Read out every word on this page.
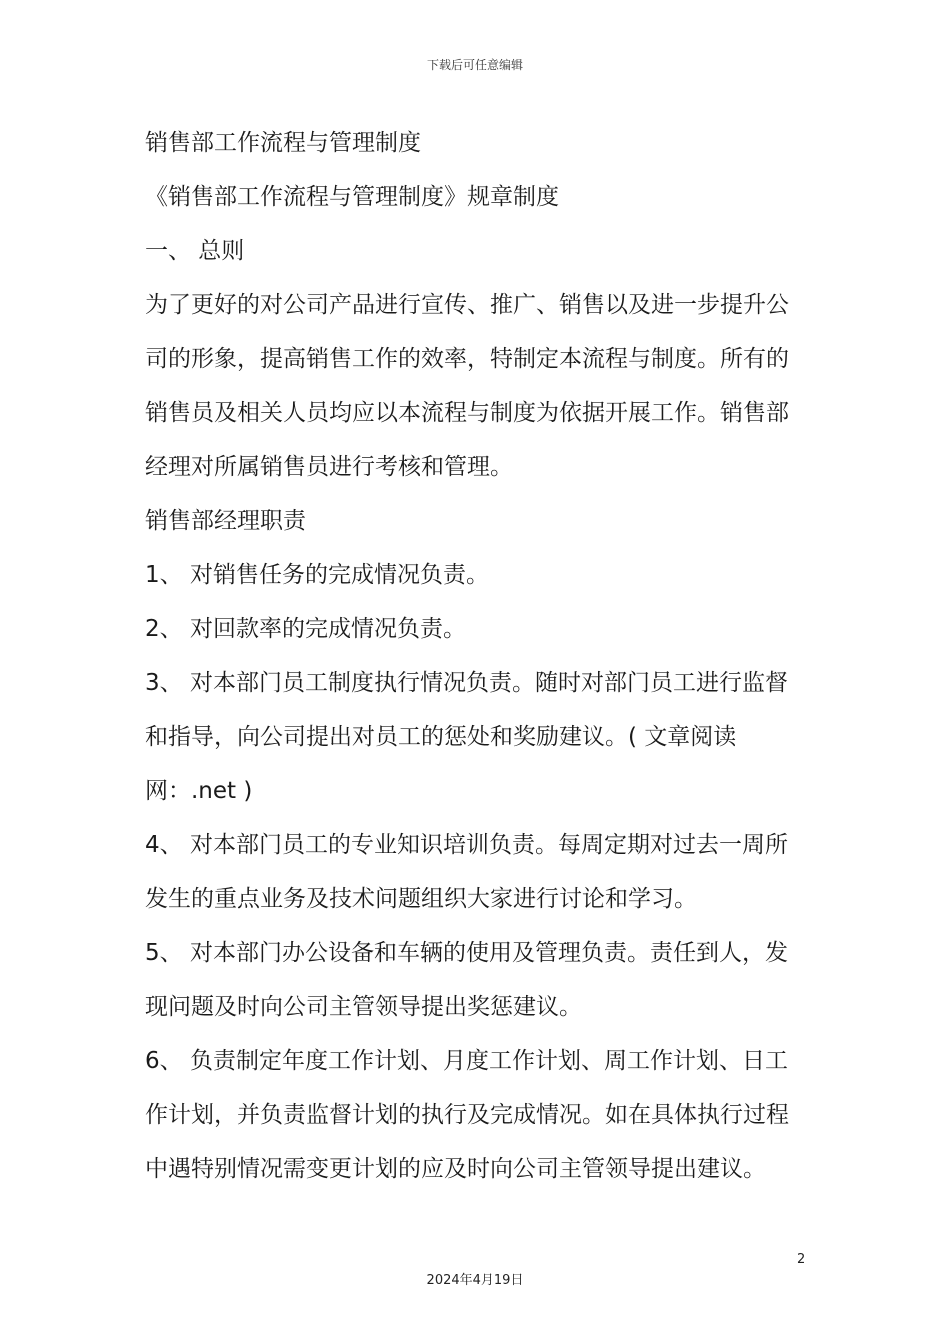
下载后可任意编辑

销售部工作流程与管理制度

《销售部工作流程与管理制度》规章制度

一、 总则

为了更好的对公司产品进行宣传、推广、销售以及进一步提升公

司的形象，提高销售工作的效率，特制定本流程与制度。所有的

销售员及相关人员均应以本流程与制度为依据开展工作。销售部

经理对所属销售员进行考核和管理。

销售部经理职责

1、 对销售任务的完成情况负责。

2、 对回款率的完成情况负责。

3、 对本部门员工制度执行情况负责。随时对部门员工进行监督

和指导，向公司提出对员工的惩处和奖励建议。( 文章阅读

网：.net )

4、 对本部门员工的专业知识培训负责。每周定期对过去一周所

发生的重点业务及技术问题组织大家进行讨论和学习。

5、 对本部门办公设备和车辆的使用及管理负责。责任到人，发

现问题及时向公司主管领导提出奖惩建议。

6、 负责制定年度工作计划、月度工作计划、周工作计划、日工

作计划，并负责监督计划的执行及完成情况。如在具体执行过程

中遇特别情况需变更计划的应及时向公司主管领导提出建议。

2
2024年4月19日
